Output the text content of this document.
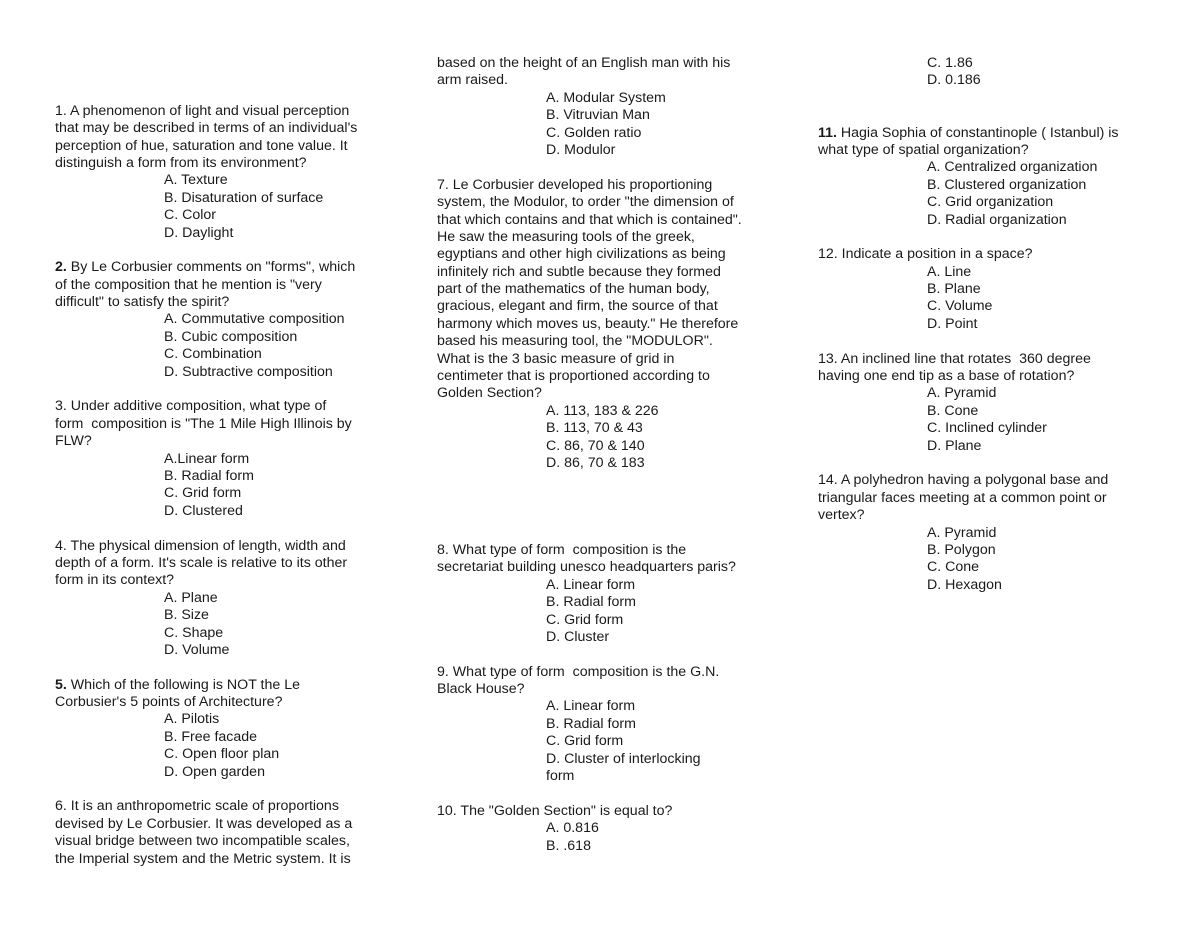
1. A phenomenon of light and visual perception
that may be described in terms of an individual's
perception of hue, saturation and tone value. It
distinguish a form from its environment?
A. Texture
B. Disaturation of surface
C. Color
D. Daylight
2. By Le Corbusier comments on "forms", which
of the composition that he mention is "very
difficult" to satisfy the spirit?
A. Commutative composition
B. Cubic composition
C. Combination
D. Subtractive composition
3. Under additive composition, what type of
form  composition is "The 1 Mile High Illinois by
FLW?
A.Linear form
B. Radial form
C. Grid form
D. Clustered
4. The physical dimension of length, width and
depth of a form. It's scale is relative to its other
form in its context?
A. Plane
B. Size
C. Shape
D. Volume
5. Which of the following is NOT the Le
Corbusier's 5 points of Architecture?
A. Pilotis
B. Free facade
C. Open floor plan
D. Open garden
6. It is an anthropometric scale of proportions
devised by Le Corbusier. It was developed as a
visual bridge between two incompatible scales,
the Imperial system and the Metric system. It is
based on the height of an English man with his
arm raised.
A. Modular System
B. Vitruvian Man
C. Golden ratio
D. Modulor
7. Le Corbusier developed his proportioning
system, the Modulor, to order "the dimension of
that which contains and that which is contained".
He saw the measuring tools of the greek,
egyptians and other high civilizations as being
infinitely rich and subtle because they formed
part of the mathematics of the human body,
gracious, elegant and firm, the source of that
harmony which moves us, beauty." He therefore
based his measuring tool, the "MODULOR".
What is the 3 basic measure of grid in
centimeter that is proportioned according to
Golden Section?
A. 113, 183 & 226
B. 113, 70 & 43
C. 86, 70 & 140
D. 86, 70 & 183
8. What type of form  composition is the
secretariat building unesco headquarters paris?
A. Linear form
B. Radial form
C. Grid form
D. Cluster
9. What type of form  composition is the G.N.
Black House?
A. Linear form
B. Radial form
C. Grid form
D. Cluster of interlocking
form
10. The "Golden Section" is equal to?
A. 0.816
B. .618
C. 1.86
D. 0.186
11. Hagia Sophia of constantinople ( Istanbul) is
what type of spatial organization?
A. Centralized organization
B. Clustered organization
C. Grid organization
D. Radial organization
12. Indicate a position in a space?
A. Line
B. Plane
C. Volume
D. Point
13. An inclined line that rotates  360 degree
having one end tip as a base of rotation?
A. Pyramid
B. Cone
C. Inclined cylinder
D. Plane
14. A polyhedron having a polygonal base and
triangular faces meeting at a common point or
vertex?
A. Pyramid
B. Polygon
C. Cone
D. Hexagon
